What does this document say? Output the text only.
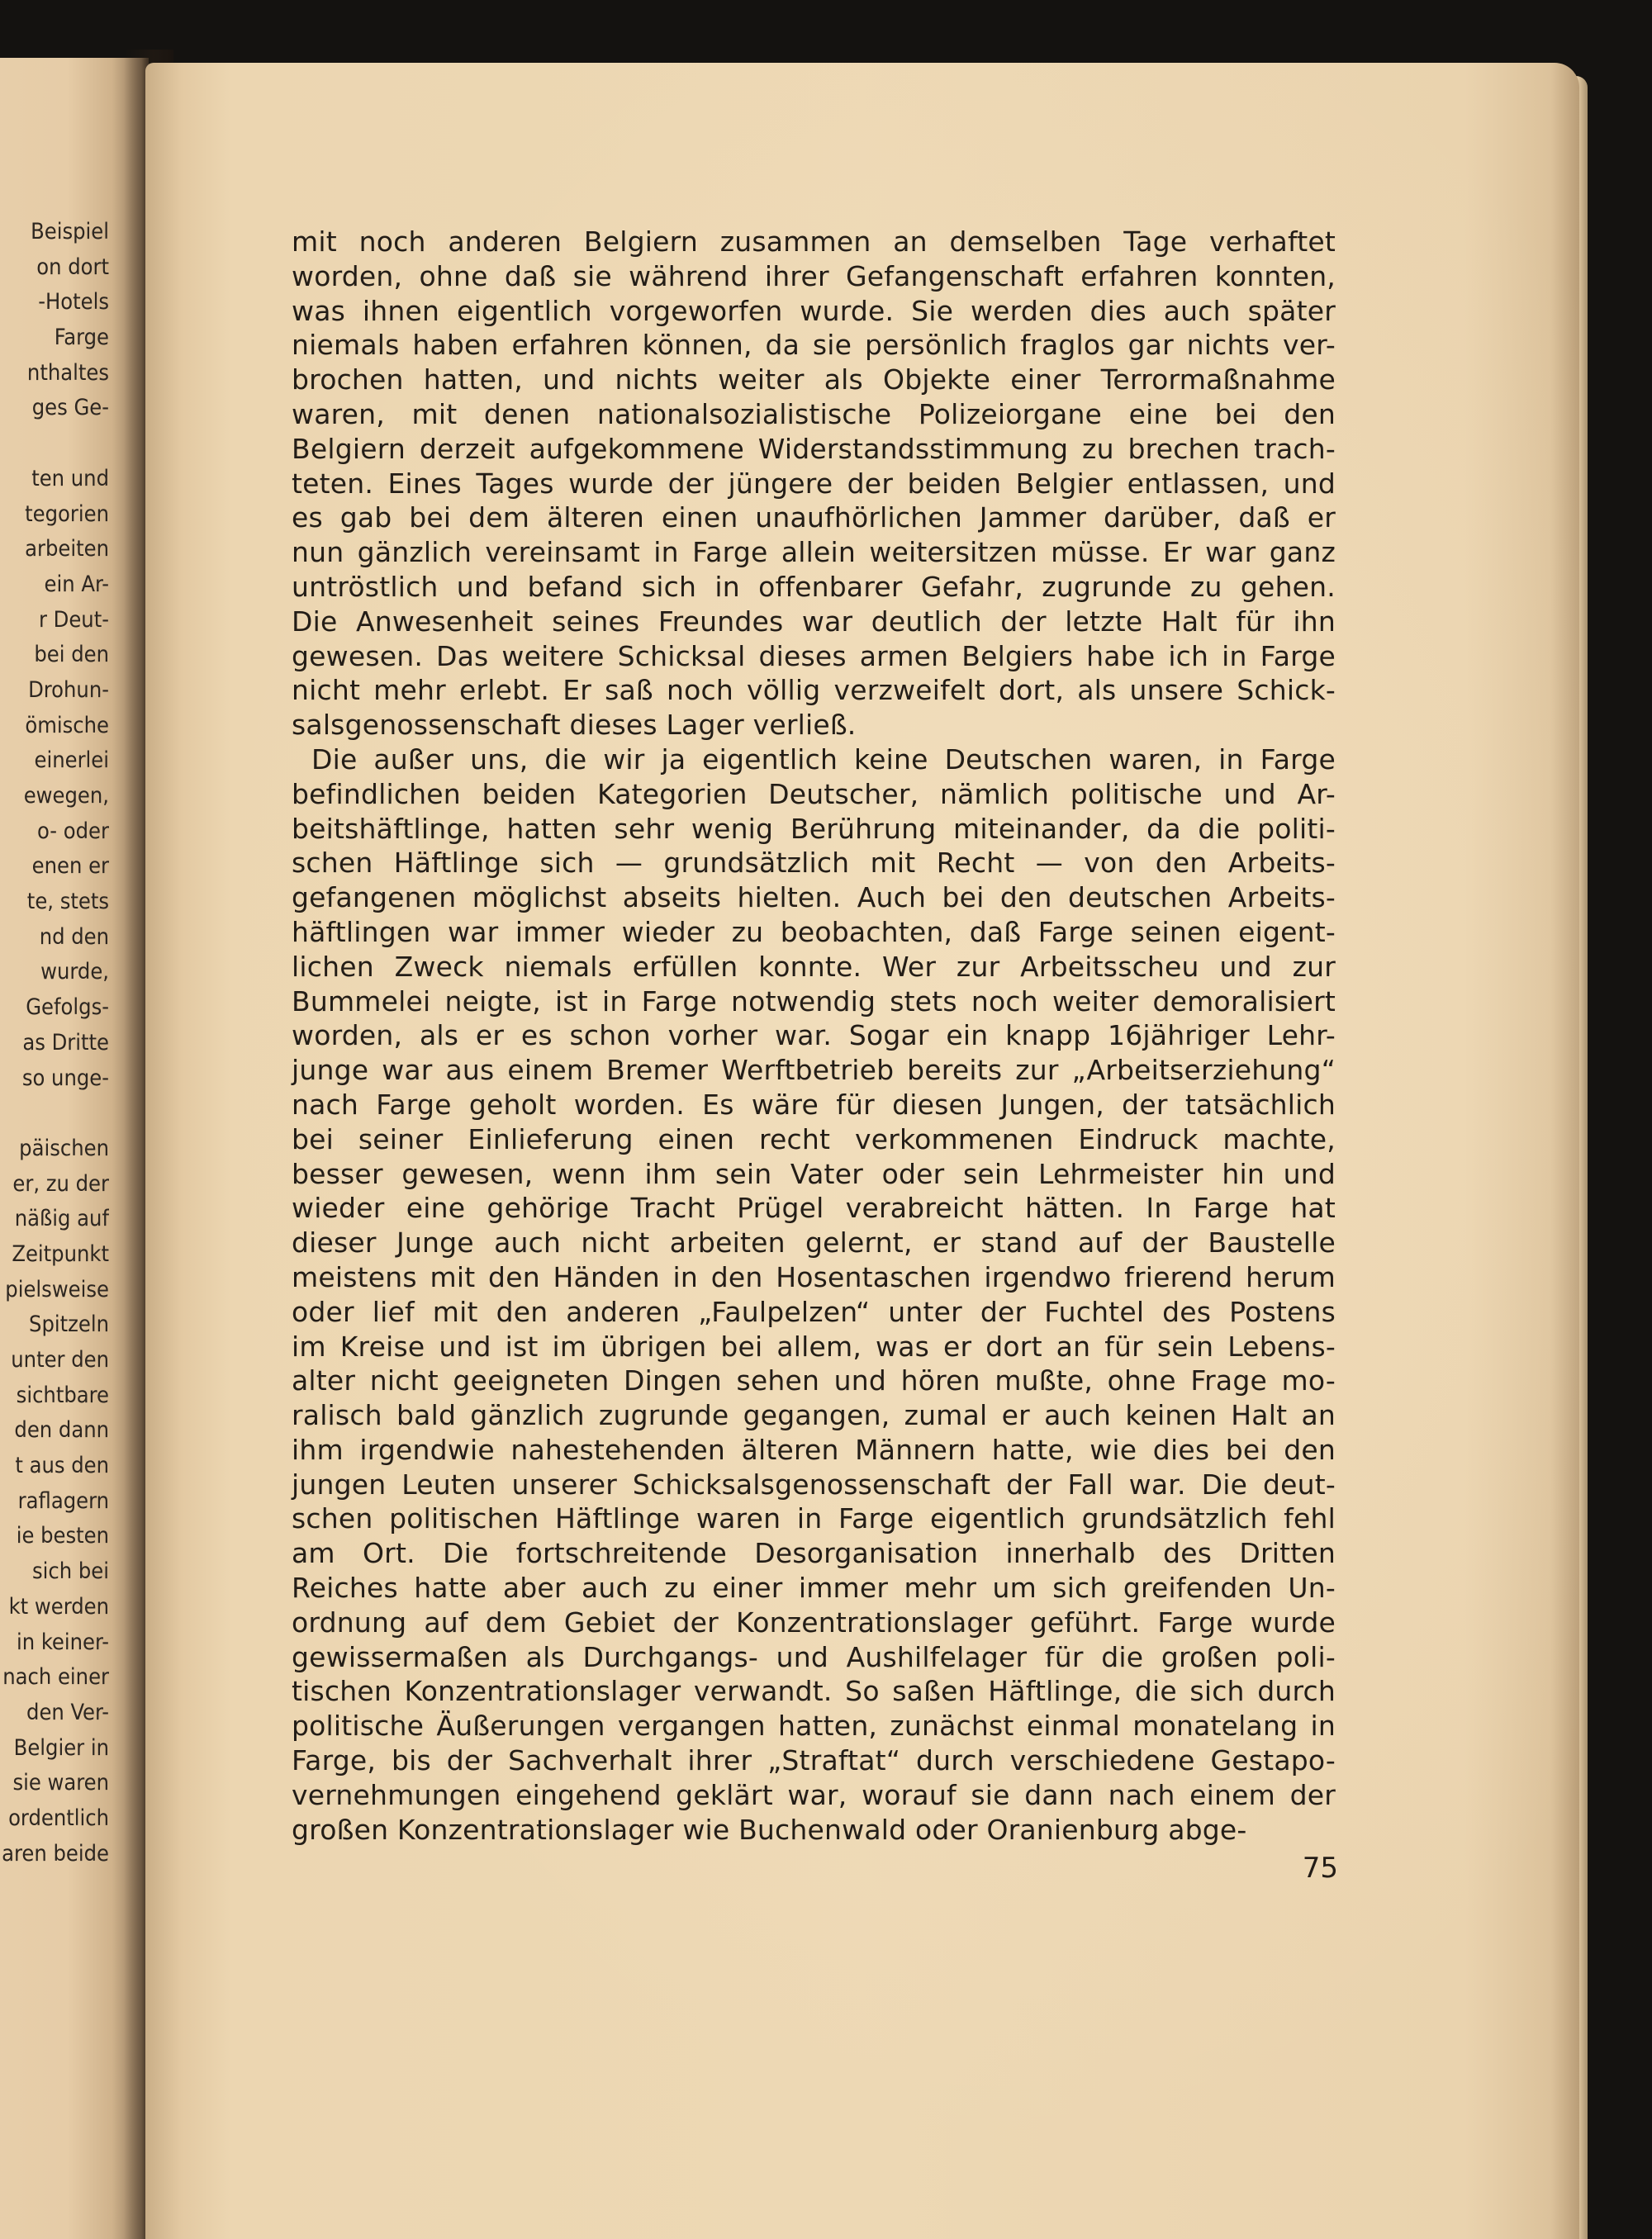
Beispiel
on dort
-Hotels
Farge
nthaltes
ges Ge-
ten und
tegorien
arbeiten
ein Ar-
r Deut-
bei den
Drohun-
ömische
einerlei
ewegen,
o- oder
enen er
te, stets
nd den
wurde,
Gefolgs-
as Dritte
so unge-
päischen
er, zu der
näßig auf
Zeitpunkt
pielsweise
Spitzeln
unter den
sichtbare
den dann
t aus den
raflagern
ie besten
sich bei
kt werden
in keiner-
nach einer
den Ver-
Belgier in
sie waren
ordentlich
aren beide
mit noch anderen Belgiern zusammen an demselben Tage verhaftet
worden, ohne daß sie während ihrer Gefangenschaft erfahren konnten,
was ihnen eigentlich vorgeworfen wurde. Sie werden dies auch später
niemals haben erfahren können, da sie persönlich fraglos gar nichts ver-
brochen hatten, und nichts weiter als Objekte einer Terrormaßnahme
waren, mit denen nationalsozialistische Polizeiorgane eine bei den
Belgiern derzeit aufgekommene Widerstandsstimmung zu brechen trach-
teten. Eines Tages wurde der jüngere der beiden Belgier entlassen, und
es gab bei dem älteren einen unaufhörlichen Jammer darüber, daß er
nun gänzlich vereinsamt in Farge allein weitersitzen müsse. Er war ganz
untröstlich und befand sich in offenbarer Gefahr, zugrunde zu gehen.
Die Anwesenheit seines Freundes war deutlich der letzte Halt für ihn
gewesen. Das weitere Schicksal dieses armen Belgiers habe ich in Farge
nicht mehr erlebt. Er saß noch völlig verzweifelt dort, als unsere Schick-
salsgenossenschaft dieses Lager verließ.
Die außer uns, die wir ja eigentlich keine Deutschen waren, in Farge
befindlichen beiden Kategorien Deutscher, nämlich politische und Ar-
beitshäftlinge, hatten sehr wenig Berührung miteinander, da die politi-
schen Häftlinge sich — grundsätzlich mit Recht — von den Arbeits-
gefangenen möglichst abseits hielten. Auch bei den deutschen Arbeits-
häftlingen war immer wieder zu beobachten, daß Farge seinen eigent-
lichen Zweck niemals erfüllen konnte. Wer zur Arbeitsscheu und zur
Bummelei neigte, ist in Farge notwendig stets noch weiter demoralisiert
worden, als er es schon vorher war. Sogar ein knapp 16jähriger Lehr-
junge war aus einem Bremer Werftbetrieb bereits zur „Arbeitserziehung“
nach Farge geholt worden. Es wäre für diesen Jungen, der tatsächlich
bei seiner Einlieferung einen recht verkommenen Eindruck machte,
besser gewesen, wenn ihm sein Vater oder sein Lehrmeister hin und
wieder eine gehörige Tracht Prügel verabreicht hätten. In Farge hat
dieser Junge auch nicht arbeiten gelernt, er stand auf der Baustelle
meistens mit den Händen in den Hosentaschen irgendwo frierend herum
oder lief mit den anderen „Faulpelzen“ unter der Fuchtel des Postens
im Kreise und ist im übrigen bei allem, was er dort an für sein Lebens-
alter nicht geeigneten Dingen sehen und hören mußte, ohne Frage mo-
ralisch bald gänzlich zugrunde gegangen, zumal er auch keinen Halt an
ihm irgendwie nahestehenden älteren Männern hatte, wie dies bei den
jungen Leuten unserer Schicksalsgenossenschaft der Fall war. Die deut-
schen politischen Häftlinge waren in Farge eigentlich grundsätzlich fehl
am Ort. Die fortschreitende Desorganisation innerhalb des Dritten
Reiches hatte aber auch zu einer immer mehr um sich greifenden Un-
ordnung auf dem Gebiet der Konzentrationslager geführt. Farge wurde
gewissermaßen als Durchgangs- und Aushilfelager für die großen poli-
tischen Konzentrationslager verwandt. So saßen Häftlinge, die sich durch
politische Äußerungen vergangen hatten, zunächst einmal monatelang in
Farge, bis der Sachverhalt ihrer „Straftat“ durch verschiedene Gestapo-
vernehmungen eingehend geklärt war, worauf sie dann nach einem der
großen Konzentrationslager wie Buchenwald oder Oranienburg abge-
75
